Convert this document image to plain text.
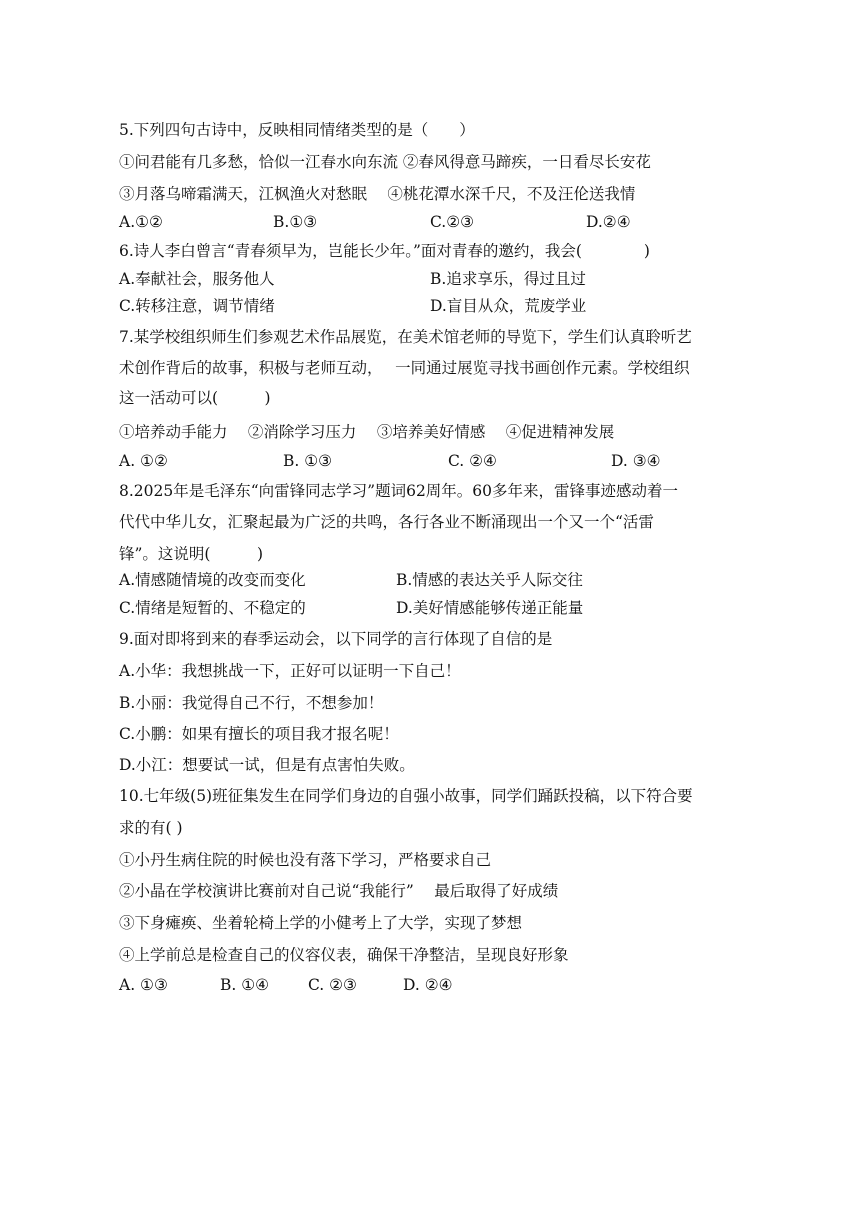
5.下列四句古诗中，反映相同情绪类型的是（　　）
①问君能有几多愁，恰似一江春水向东流 ②春风得意马蹄疾，一日看尽长安花
③月落乌啼霜满天，江枫渔火对愁眠　 ④桃花潭水深千尺，不及汪伦送我情
A.①②	B.①③	C.②③	D.②④
6.诗人李白曾言“青春须早为，岂能长少年。”面对青春的邀约，我会(　　　　)
A.奉献社会，服务他人	B.追求享乐，得过且过
C.转移注意，调节情绪	D.盲目从众，荒废学业
7.某学校组织师生们参观艺术作品展览，在美术馆老师的导览下，学生们认真聆听艺
术创作背后的故事，积极与老师互动，　 一同通过展览寻找书画创作元素。学校组织
这一活动可以(　　　)
①培养动手能力　 ②消除学习压力　 ③培养美好情感　 ④促进精神发展
A. ①②	B. ①③	C. ②④	D. ③④
8.2025年是毛泽东“向雷锋同志学习”题词62周年。60多年来，雷锋事迹感动着一
代代中华儿女，汇聚起最为广泛的共鸣，各行各业不断涌现出一个又一个“活雷
锋”。这说明(　　　)
A.情感随情境的改变而变化	B.情感的表达关乎人际交往
C.情绪是短暂的、不稳定的	D.美好情感能够传递正能量
9.面对即将到来的春季运动会，以下同学的言行体现了自信的是
A.小华：我想挑战一下，正好可以证明一下自己！
B.小丽：我觉得自己不行，不想参加！
C.小鹏：如果有擅长的项目我才报名呢！
D.小江：想要试一试，但是有点害怕失败。
10.七年级(5)班征集发生在同学们身边的自强小故事，同学们踊跃投稿，以下符合要
求的有( )
①小丹生病住院的时候也没有落下学习，严格要求自己
②小晶在学校演讲比赛前对自己说“我能行”　 最后取得了好成绩
③下身瘫痪、坐着轮椅上学的小健考上了大学，实现了梦想
④上学前总是检查自己的仪容仪表，确保干净整洁，呈现良好形象
A. ①③	B. ①④	C. ②③	D. ②④
